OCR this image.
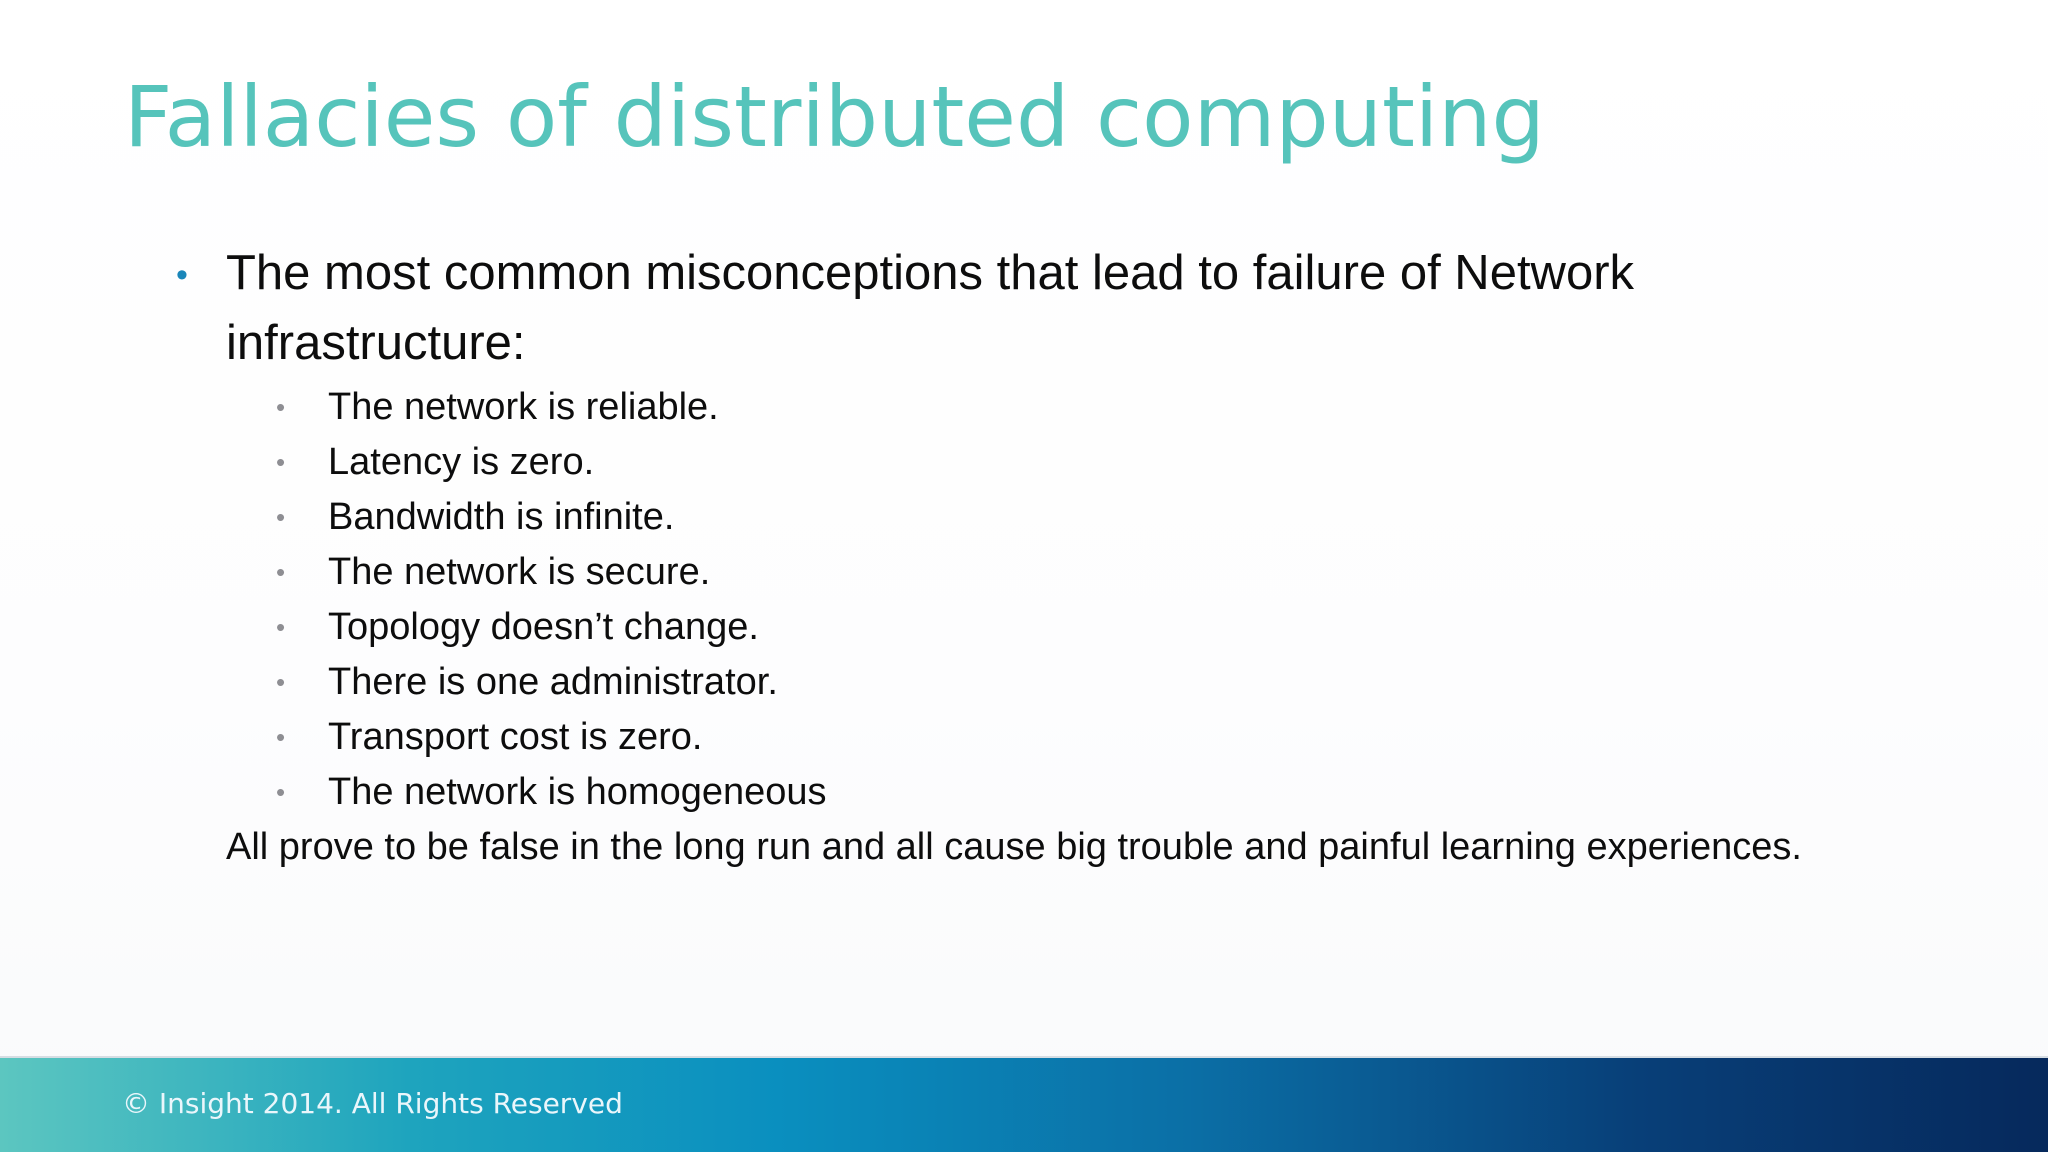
Fallacies of distributed computing
• The most common misconceptions that lead to failure of Network infrastructure:
• The network is reliable.
• Latency is zero.
• Bandwidth is infinite.
• The network is secure.
• Topology doesn’t change.
• There is one administrator.
• Transport cost is zero.
• The network is homogeneous
All prove to be false in the long run and all cause big trouble and painful learning experiences.
© Insight 2014. All Rights Reserved
